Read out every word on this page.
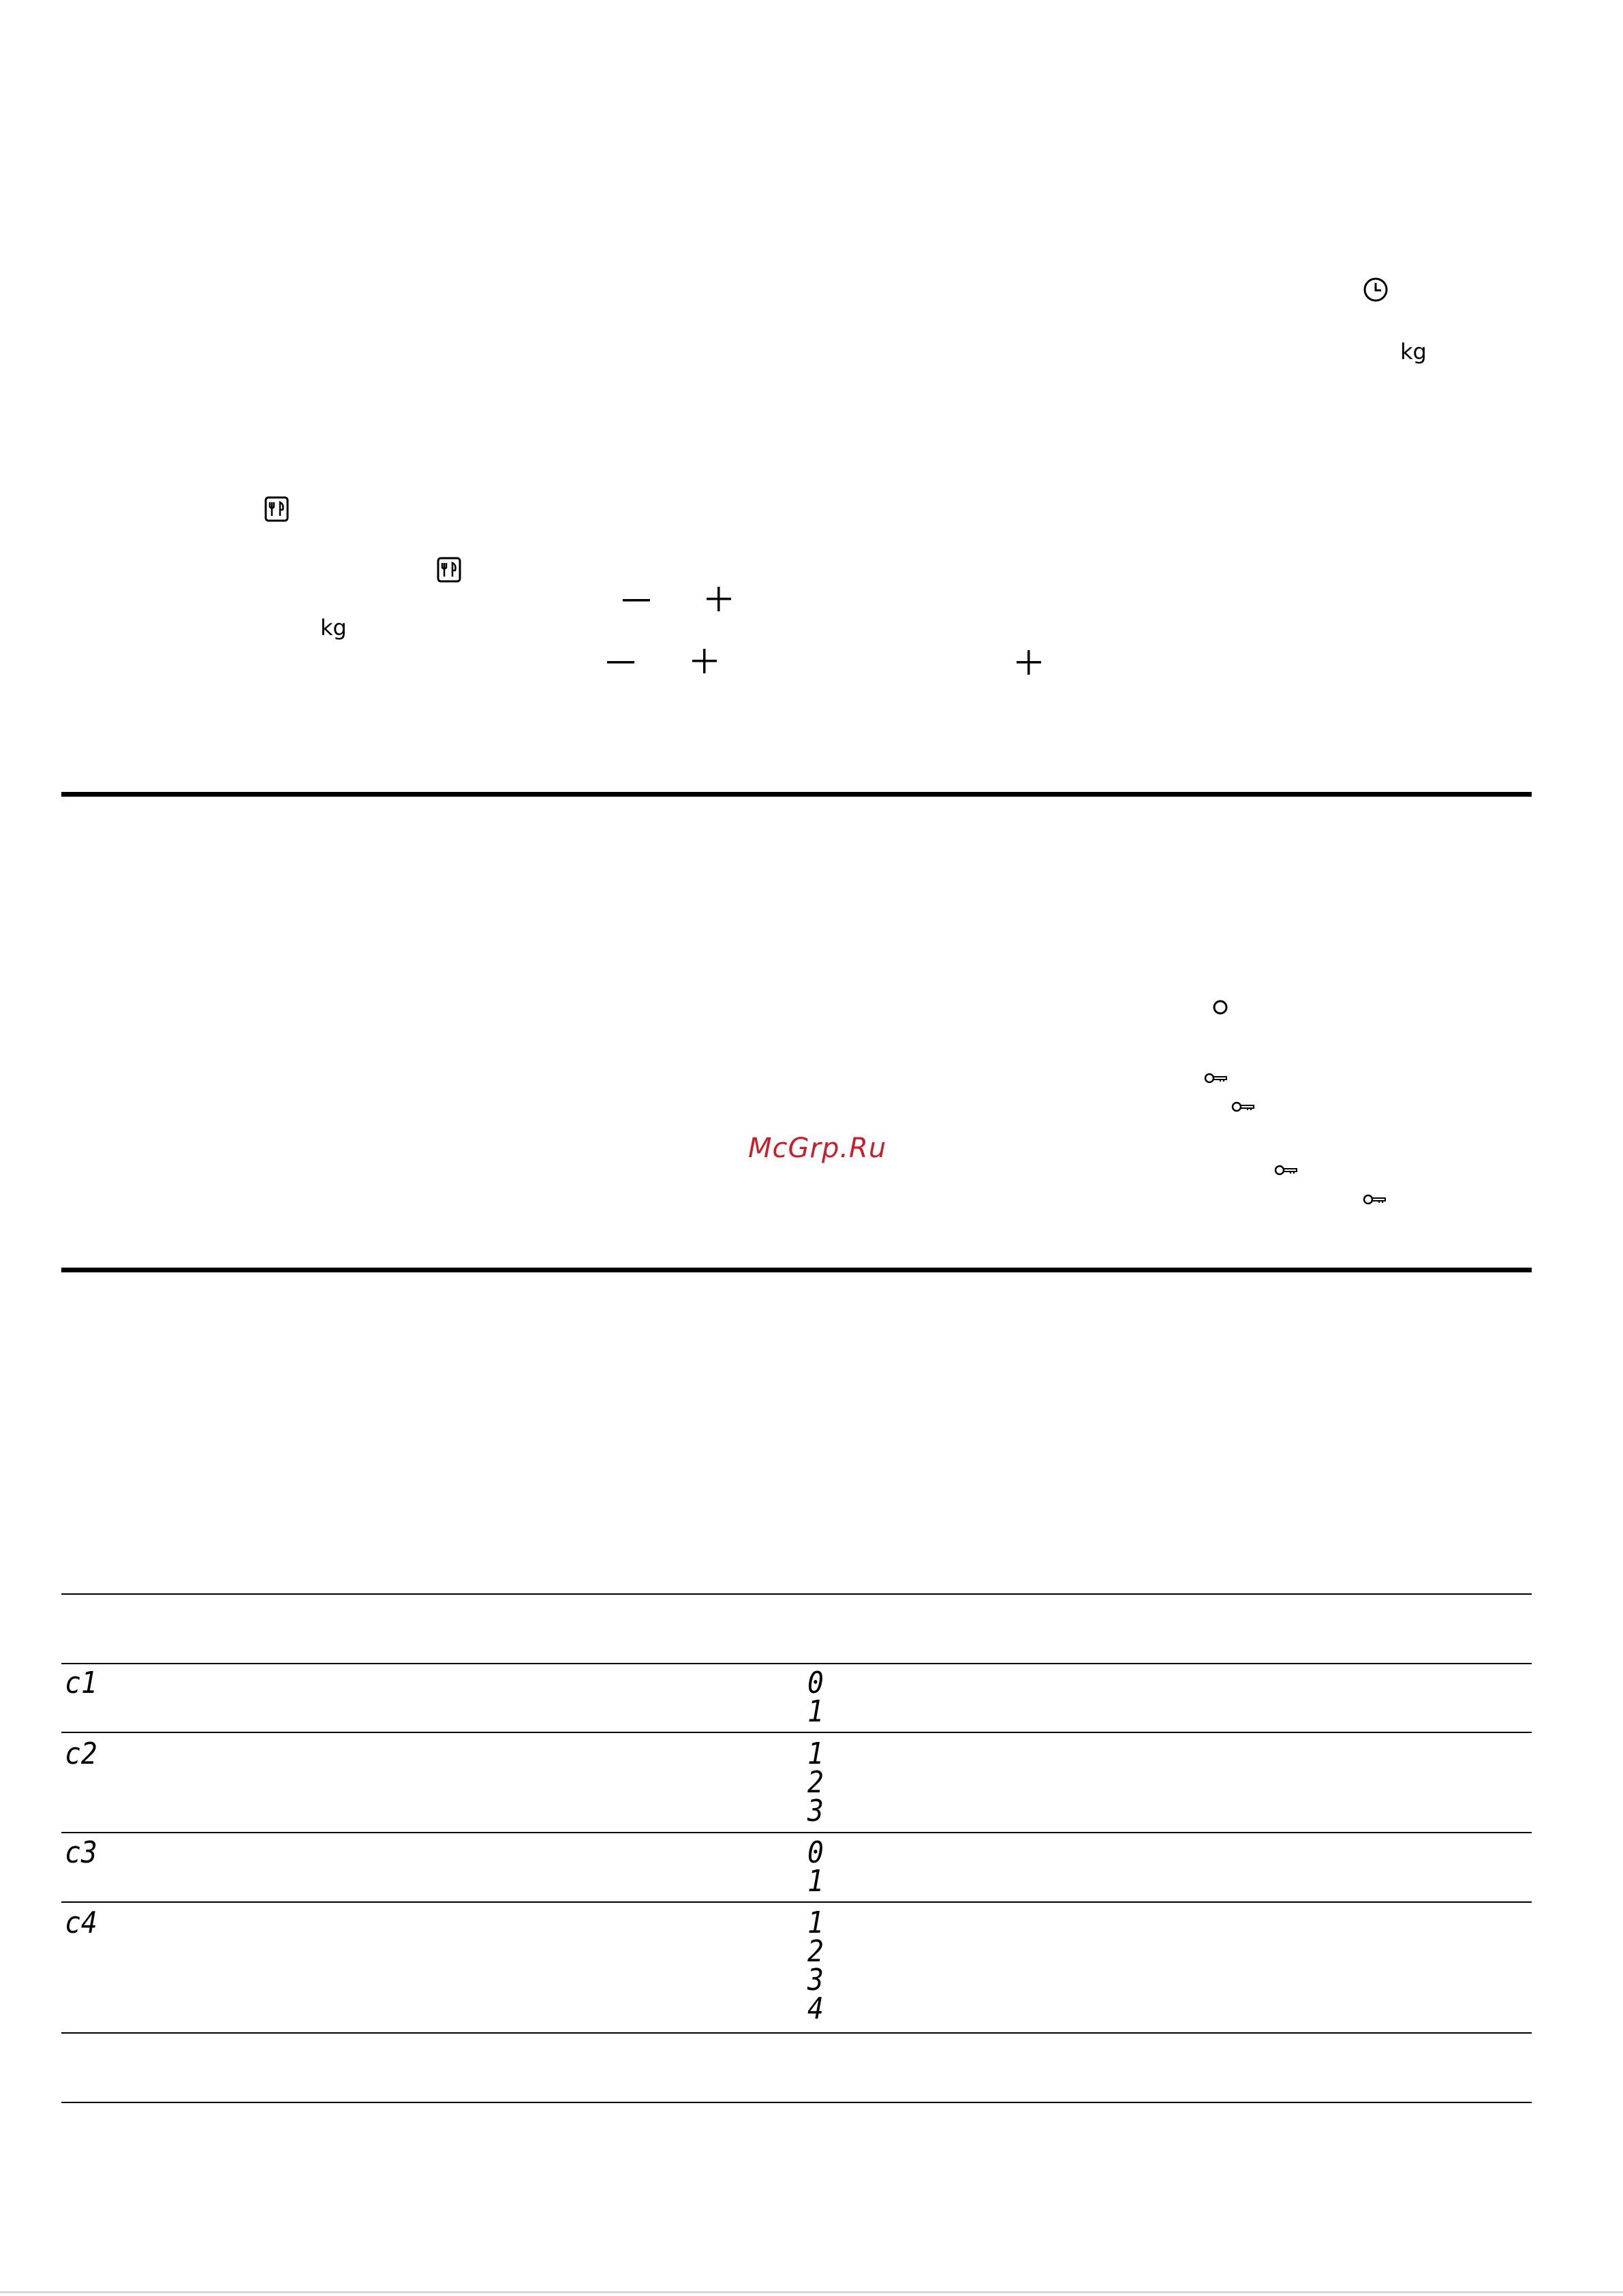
kg
kg
McGrp.Ru
c1	0
1
c2	1
2
3
c3	0
1
c4	1
2
3
4
